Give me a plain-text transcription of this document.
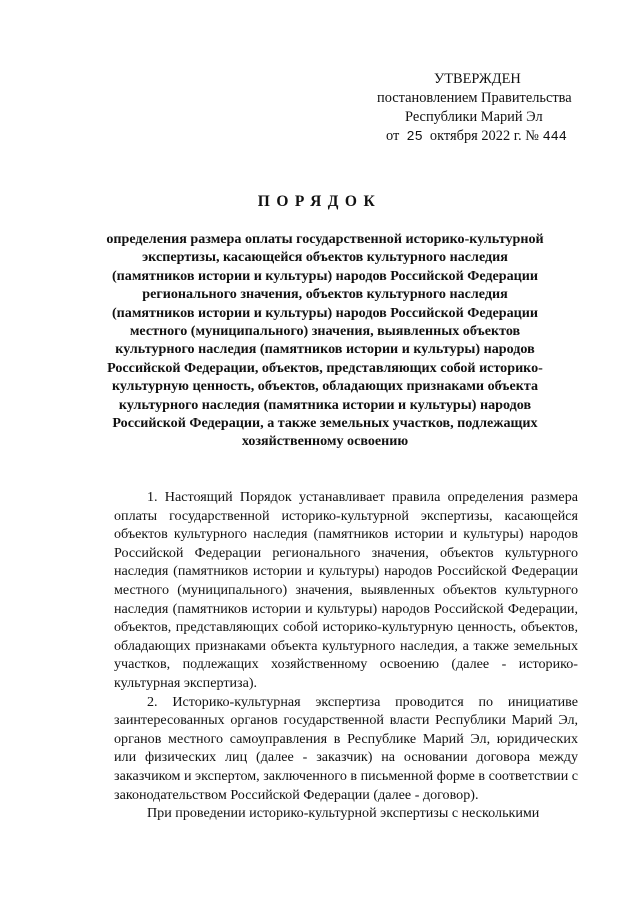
УТВЕРЖДЕН
постановлением Правительства
Республики Марий Эл
от 25 октября 2022 г. № 444
ПОРЯДОК
определения размера оплаты государственной историко-культурной экспертизы, касающейся объектов культурного наследия (памятников истории и культуры) народов Российской Федерации регионального значения, объектов культурного наследия (памятников истории и культуры) народов Российской Федерации местного (муниципального) значения, выявленных объектов культурного наследия (памятников истории и культуры) народов Российской Федерации, объектов, представляющих собой историко-культурную ценность, объектов, обладающих признаками объекта культурного наследия (памятника истории и культуры) народов Российской Федерации, а также земельных участков, подлежащих хозяйственному освоению

1. Настоящий Порядок устанавливает правила определения размера оплаты государственной историко-культурной экспертизы, касающейся объектов культурного наследия (памятников истории и культуры) народов Российской Федерации регионального значения, объектов культурного наследия (памятников истории и культуры) народов Российской Федерации местного (муниципального) значения, выявленных объектов культурного наследия (памятников истории и культуры) народов Российской Федерации, объектов, представляющих собой историко-культурную ценность, объектов, обладающих признаками объекта культурного наследия, а также земельных участков, подлежащих хозяйственному освоению (далее - историко-культурная экспертиза).

2. Историко-культурная экспертиза проводится по инициативе заинтересованных органов государственной власти Республики Марий Эл, органов местного самоуправления в Республике Марий Эл, юридических или физических лиц (далее - заказчик) на основании договора между заказчиком и экспертом, заключенного в письменной форме в соответствии с законодательством Российской Федерации (далее - договор).

При проведении историко-культурной экспертизы с несколькими
